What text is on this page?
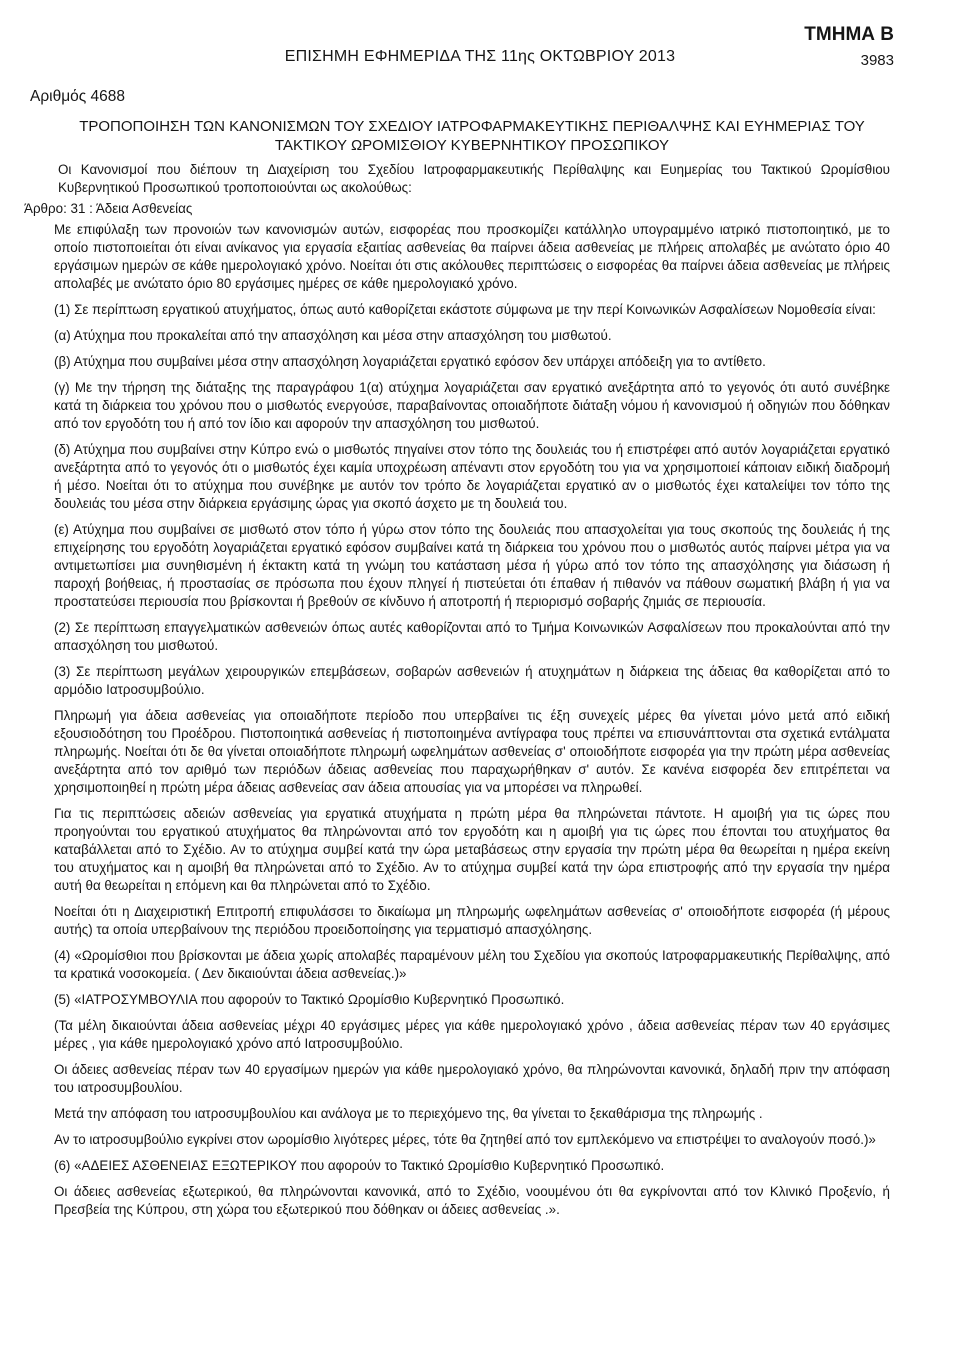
ΤΜΗΜΑ Β
ΕΠΙΣΗΜΗ ΕΦΗΜΕΡΙΔΑ ΤΗΣ 11ης ΟΚΤΩΒΡΙΟΥ 2013	3983
Αριθμός 4688

ΤΡΟΠΟΠΟΙΗΣΗ ΤΩΝ ΚΑΝΟΝΙΣΜΩΝ ΤΟΥ ΣΧΕΔΙΟΥ ΙΑΤΡΟΦΑΡΜΑΚΕΥΤΙΚΗΣ ΠΕΡΙΘΑΛΨΗΣ ΚΑΙ ΕΥΗΜΕΡΙΑΣ ΤΟΥ ΤΑΚΤΙΚΟΥ ΩΡΟΜΙΣΘΙΟΥ ΚΥΒΕΡΝΗΤΙΚΟΥ ΠΡΟΣΩΠΙΚΟΥ

Οι Κανονισμοί που διέπουν τη Διαχείριση του Σχεδίου Ιατροφαρμακευτικής Περίθαλψης και Ευημερίας του Τακτικού Ωρομίσθιου Κυβερνητικού Προσωπικού τροποποιούνται ως ακολούθως:

Άρθρο: 31 : Άδεια Ασθενείας

Με επιφύλαξη των προνοιών των κανονισμών αυτών, εισφορέας που προσκομίζει κατάλληλο υπογραμμένο ιατρικό πιστοποιητικό, με το οποίο πιστοποιείται ότι είναι ανίκανος για εργασία εξαιτίας ασθενείας θα παίρνει άδεια ασθενείας με πλήρεις απολαβές με ανώτατο όριο 40 εργάσιμων ημερών σε κάθε ημερολογιακό χρόνο. Νοείται ότι στις ακόλουθες περιπτώσεις ο εισφορέας θα παίρνει άδεια ασθενείας με πλήρεις απολαβές με ανώτατο όριο 80 εργάσιμες ημέρες σε κάθε ημερολογιακό χρόνο.

(1) Σε περίπτωση εργατικού ατυχήματος, όπως αυτό καθορίζεται εκάστοτε σύμφωνα με την περί Κοινωνικών Ασφαλίσεων Νομοθεσία είναι:

(α) Ατύχημα που προκαλείται από την απασχόληση και μέσα στην απασχόληση του μισθωτού.

(β) Ατύχημα που συμβαίνει μέσα στην απασχόληση λογαριάζεται εργατικό εφόσον δεν υπάρχει απόδειξη για το αντίθετο.

(γ) Με την τήρηση της διάταξης της παραγράφου 1(α) ατύχημα λογαριάζεται σαν εργατικό ανεξάρτητα από το γεγονός ότι αυτό συνέβηκε κατά τη διάρκεια του χρόνου που ο μισθωτός ενεργούσε, παραβαίνοντας οποιαδήποτε διάταξη νόμου ή κανονισμού ή οδηγιών που δόθηκαν από τον εργοδότη του ή από τον ίδιο και αφορούν την απασχόληση του μισθωτού.

(δ) Ατύχημα που συμβαίνει στην Κύπρο ενώ ο μισθωτός πηγαίνει στον τόπο της δουλειάς του ή επιστρέφει από αυτόν λογαριάζεται εργατικό ανεξάρτητα από το γεγονός ότι ο μισθωτός έχει καμία υποχρέωση απέναντι στον εργοδότη του για να χρησιμοποιεί κάποιαν ειδική διαδρομή ή μέσο. Νοείται ότι το ατύχημα που συνέβηκε με αυτόν τον τρόπο δε λογαριάζεται εργατικό αν ο μισθωτός έχει καταλείψει τον τόπο της δουλειάς του μέσα στην διάρκεια εργάσιμης ώρας για σκοπό άσχετο με τη δουλειά του.

(ε) Ατύχημα που συμβαίνει σε μισθωτό στον τόπο ή γύρω στον τόπο της δουλειάς που απασχολείται για τους σκοπούς της δουλειάς ή της επιχείρησης του εργοδότη λογαριάζεται εργατικό εφόσον συμβαίνει κατά τη διάρκεια του χρόνου που ο μισθωτός αυτός παίρνει μέτρα για να αντιμετωπίσει μια συνηθισμένη ή έκτακτη κατά τη γνώμη του κατάσταση μέσα ή γύρω από τον τόπο της απασχόλησης για διάσωση ή παροχή βοήθειας, ή προστασίας σε πρόσωπα που έχουν πληγεί ή πιστεύεται ότι έπαθαν ή πιθανόν να πάθουν σωματική βλάβη ή για να προστατεύσει περιουσία που βρίσκονται ή βρεθούν σε κίνδυνο ή αποτροπή ή περιορισμό σοβαρής ζημιάς σε περιουσία.

(2) Σε περίπτωση επαγγελματικών ασθενειών όπως αυτές καθορίζονται από το Τμήμα Κοινωνικών Ασφαλίσεων που προκαλούνται από την απασχόληση του μισθωτού.

(3) Σε περίπτωση μεγάλων χειρουργικών επεμβάσεων, σοβαρών ασθενειών ή ατυχημάτων η διάρκεια της άδειας θα καθορίζεται από το αρμόδιο Ιατροσυμβούλιο.

Πληρωμή για άδεια ασθενείας για οποιαδήποτε περίοδο που υπερβαίνει τις έξη συνεχείς μέρες θα γίνεται μόνο μετά από ειδική εξουσιοδότηση του Προέδρου. Πιστοποιητικά ασθενείας ή πιστοποιημένα αντίγραφα τους πρέπει να επισυνάπτονται στα σχετικά εντάλματα πληρωμής. Νοείται ότι δε θα γίνεται οποιαδήποτε πληρωμή ωφελημάτων ασθενείας σ' οποιοδήποτε εισφορέα για την πρώτη μέρα ασθενείας ανεξάρτητα από τον αριθμό των περιόδων άδειας ασθενείας που παραχωρήθηκαν σ' αυτόν. Σε κανένα εισφορέα δεν επιτρέπεται να χρησιμοποιηθεί η πρώτη μέρα άδειας ασθενείας σαν άδεια απουσίας για να μπορέσει να πληρωθεί.

Για τις περιπτώσεις αδειών ασθενείας για εργατικά ατυχήματα η πρώτη μέρα θα πληρώνεται πάντοτε. Η αμοιβή για τις ώρες που προηγούνται του εργατικού ατυχήματος θα πληρώνονται από τον εργοδότη και η αμοιβή για τις ώρες που έπονται του ατυχήματος θα καταβάλλεται από το Σχέδιο. Αν το ατύχημα συμβεί κατά την ώρα μεταβάσεως στην εργασία την πρώτη μέρα θα θεωρείται η ημέρα εκείνη του ατυχήματος και η αμοιβή θα πληρώνεται από το Σχέδιο. Αν το ατύχημα συμβεί κατά την ώρα επιστροφής από την εργασία την ημέρα αυτή θα θεωρείται η επόμενη και θα πληρώνεται από το Σχέδιο.

Νοείται ότι η Διαχειριστική Επιτροπή επιφυλάσσει το δικαίωμα μη πληρωμής ωφελημάτων ασθενείας σ' οποιοδήποτε εισφορέα (ή μέρους αυτής) τα οποία υπερβαίνουν της περιόδου προειδοποίησης για τερματισμό απασχόλησης.

(4) «Ωρομίσθιοι που βρίσκονται με άδεια χωρίς απολαβές παραμένουν μέλη του Σχεδίου για σκοπούς Ιατροφαρμακευτικής Περίθαλψης, από τα κρατικά νοσοκομεία. ( Δεν δικαιούνται άδεια ασθενείας.)»

(5) «ΙΑΤΡΟΣΥΜΒΟΥΛΙΑ που αφορούν το Τακτικό Ωρομίσθιο Κυβερνητικό Προσωπικό.

(Τα μέλη δικαιούνται άδεια ασθενείας μέχρι 40 εργάσιμες μέρες για κάθε ημερολογιακό χρόνο , άδεια ασθενείας πέραν των 40 εργάσιμες μέρες , για κάθε ημερολογιακό χρόνο από Ιατροσυμβούλιο.

Οι άδειες ασθενείας πέραν των 40 εργασίμων ημερών για κάθε ημερολογιακό χρόνο, θα πληρώνονται κανονικά, δηλαδή πριν την απόφαση του ιατροσυμβουλίου.

Μετά την απόφαση του ιατροσυμβουλίου και ανάλογα με το περιεχόμενο της, θα γίνεται το ξεκαθάρισμα της πληρωμής .

Αν το ιατροσυμβούλιο εγκρίνει στον ωρομίσθιο λιγότερες μέρες, τότε θα ζητηθεί από τον εμπλεκόμενο να επιστρέψει το αναλογούν ποσό.)»

(6) «ΑΔΕΙΕΣ ΑΣΘΕΝΕΙΑΣ ΕΞΩΤΕΡΙΚΟΥ που αφορούν το Τακτικό Ωρομίσθιο Κυβερνητικό Προσωπικό.

Οι άδειες ασθενείας εξωτερικού, θα πληρώνονται κανονικά, από το Σχέδιο, νοουμένου ότι θα εγκρίνονται από τον Κλινικό Προξενίο, ή Πρεσβεία της Κύπρου, στη χώρα του εξωτερικού που δόθηκαν οι άδειες ασθενείας .».
